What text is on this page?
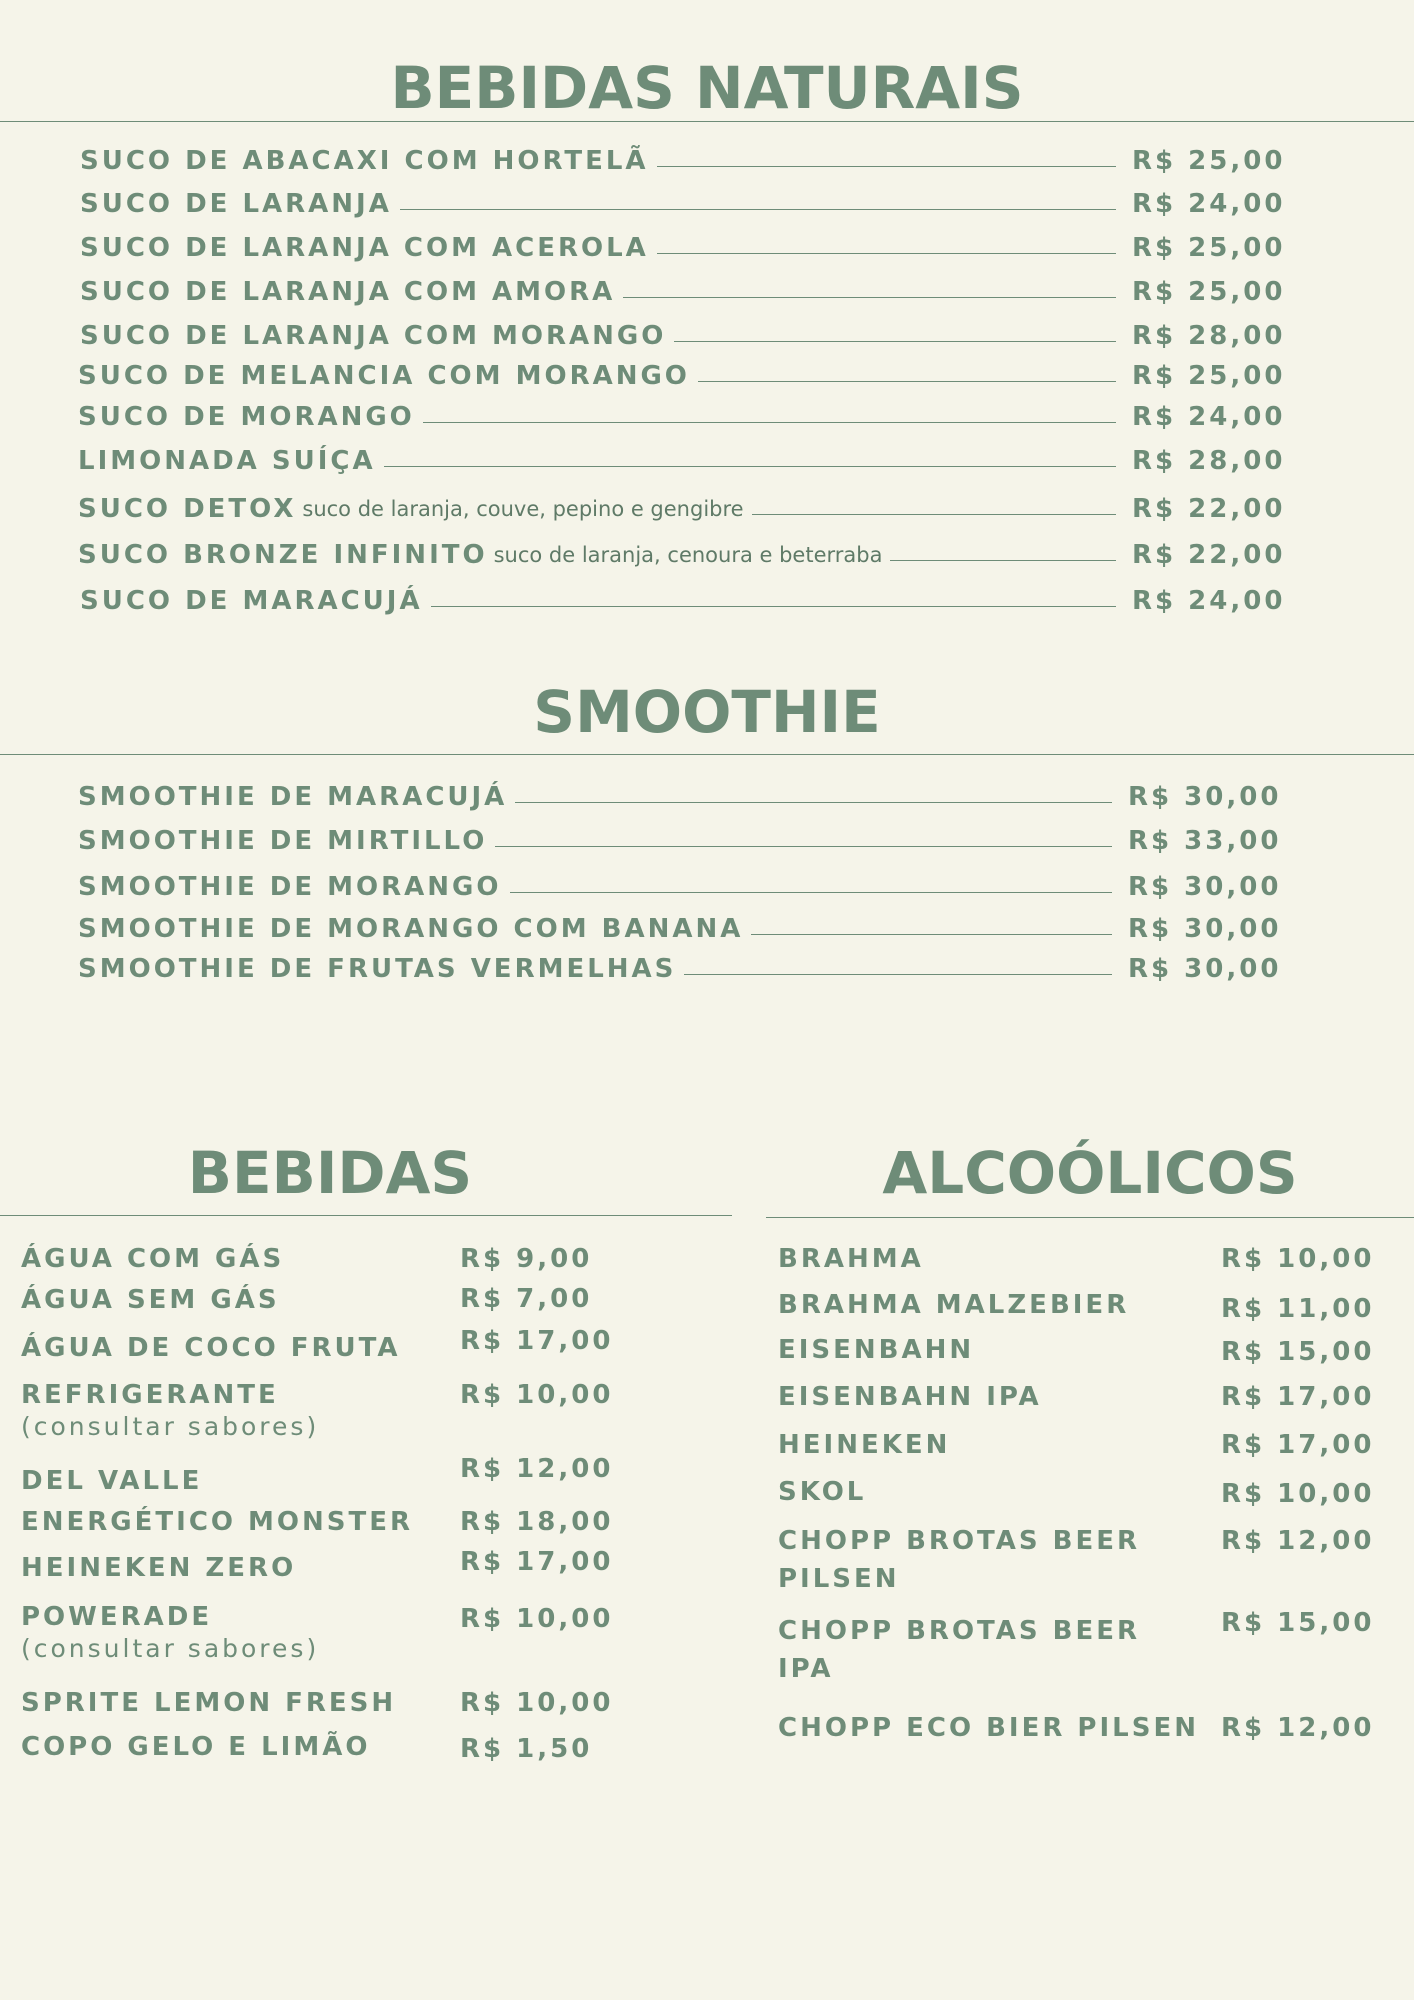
BEBIDAS NATURAIS
SUCO DE ABACAXI COM HORTELÃ	R$ 25,00
SUCO DE LARANJA	R$ 24,00
SUCO DE LARANJA COM ACEROLA	R$ 25,00
SUCO DE LARANJA COM AMORA	R$ 25,00
SUCO DE LARANJA COM MORANGO	R$ 28,00
SUCO DE MELANCIA COM MORANGO	R$ 25,00
SUCO DE MORANGO	R$ 24,00
LIMONADA SUÍÇA	R$ 28,00
SUCO DETOX suco de laranja, couve, pepino e gengibre	R$ 22,00
SUCO BRONZE INFINITO suco de laranja, cenoura e beterraba	R$ 22,00
SUCO DE MARACUJÁ	R$ 24,00
SMOOTHIE
SMOOTHIE DE MARACUJÁ	R$ 30,00
SMOOTHIE DE MIRTILLO	R$ 33,00
SMOOTHIE DE MORANGO	R$ 30,00
SMOOTHIE DE MORANGO COM BANANA	R$ 30,00
SMOOTHIE DE FRUTAS VERMELHAS	R$ 30,00
BEBIDAS
ÁGUA COM GÁS	R$ 9,00
ÁGUA SEM GÁS	R$ 7,00
ÁGUA DE COCO FRUTA R$ 17,00
REFRIGERANTE
(consultar sabores)
R$ 10,00
DEL VALLE	R$ 12,00
ENERGÉTICO MONSTER R$ 18,00
HEINEKEN ZERO	R$ 17,00
POWERADE
(consultar sabores)
R$ 10,00
SPRITE LEMON FRESH R$ 10,00
COPO GELO E LIMÃO	R$ 1,50
ALCOÓLICOS
BRAHMA	R$ 10,00
BRAHMA MALZEBIER	R$ 11,00
EISENBAHN	R$ 15,00
EISENBAHN IPA	R$ 17,00
HEINEKEN	R$ 17,00
SKOL	R$ 10,00
CHOPP BROTAS BEER PILSEN
R$ 12,00
CHOPP BROTAS BEER IPA
R$ 15,00
CHOPP ECO BIER PILSEN R$ 12,00
